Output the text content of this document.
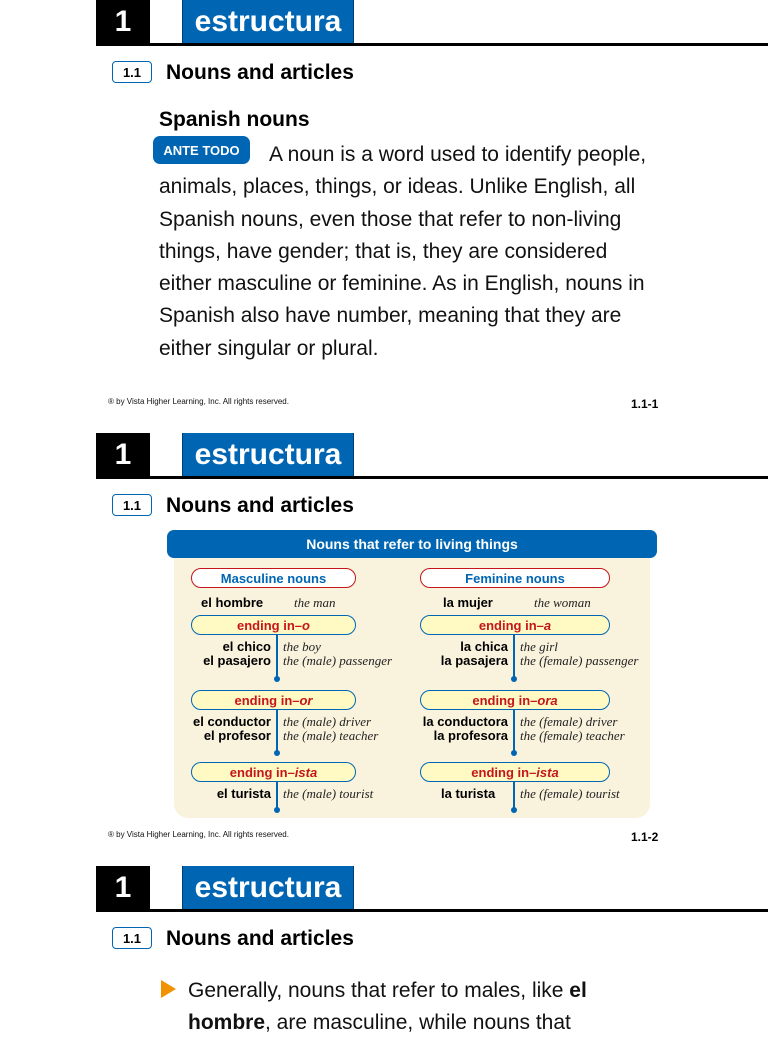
1	estructura
1.1	Nouns and articles
Spanish nouns
A noun is a word used to identify people, animals, places, things, or ideas. Unlike English, all Spanish nouns, even those that refer to non-living things, have gender; that is, they are considered either masculine or feminine. As in English, nouns in Spanish also have number, meaning that they are either singular or plural.
ANTE TODO
® by Vista Higher Learning, Inc. All rights reserved.	1.1-1
1	estructura
1.1	Nouns and articles
® by Vista Higher Learning, Inc. All rights reserved.	1.1-2
Nouns that refer to living things
Masculine nouns
el hombre the man
ending in –o
el chico the boy
el pasajero the (male) passenger
ending in –or
el conductor the (male) driver
el profesor the (male) teacher
ending in –ista
el turista the (male) tourist
Feminine nouns
la mujer	the woman
ending in –a
la chica the girl
la pasajera the (female) passenger
ending in –ora
la conductora the (female) driver
la profesora the (female) teacher
ending in –ista
la turista the (female) tourist
1	estructura
1.1	Nouns and articles
Generally, nouns that refer to males, like el hombre, are masculine, while nouns that
